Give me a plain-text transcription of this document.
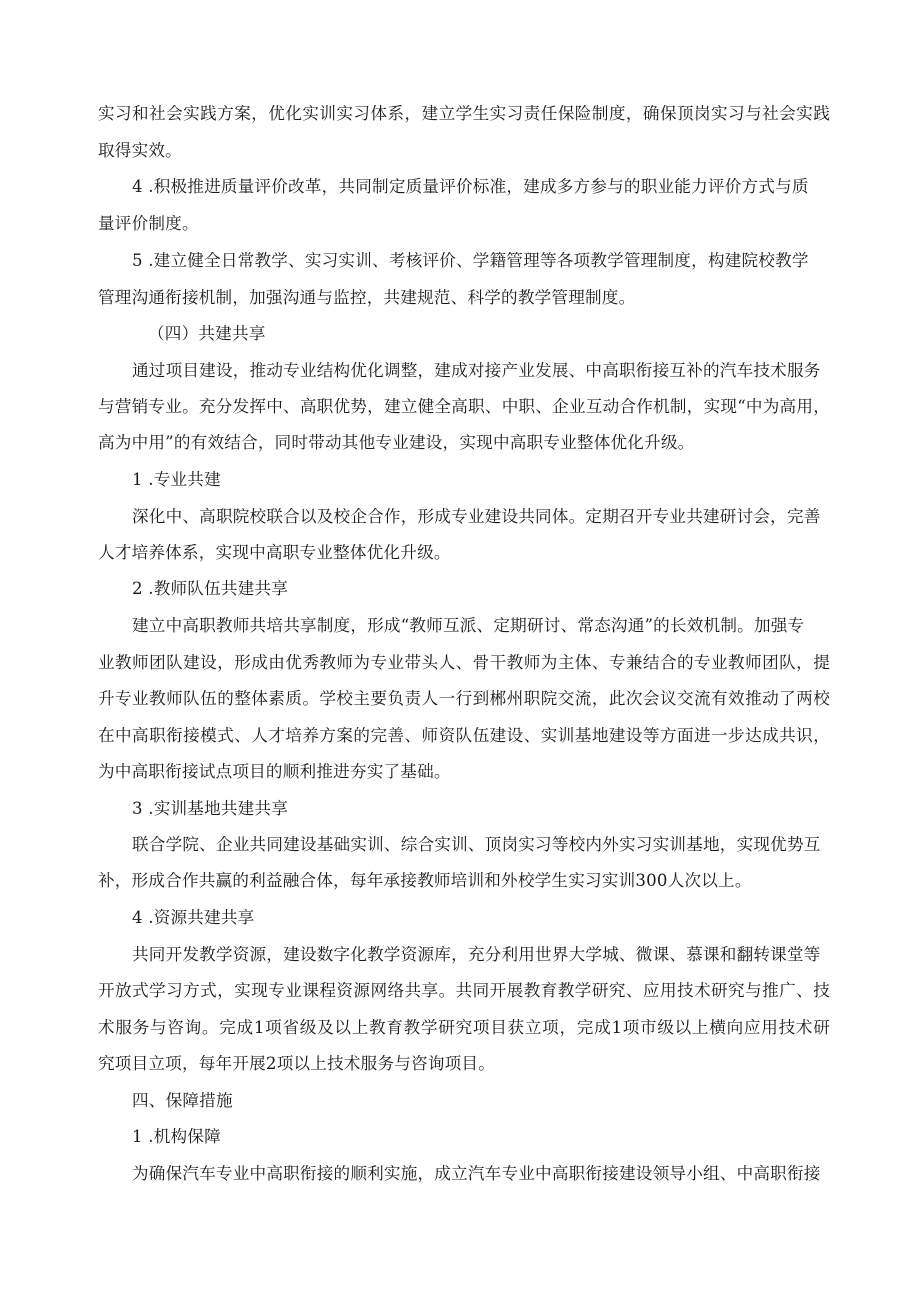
实习和社会实践方案，优化实训实习体系，建立学生实习责任保险制度，确保顶岗实习与社会实践
取得实效。
4 .积极推进质量评价改革，共同制定质量评价标准，建成多方参与的职业能力评价方式与质
量评价制度。
5 .建立健全日常教学、实习实训、考核评价、学籍管理等各项教学管理制度，构建院校教学
管理沟通衔接机制，加强沟通与监控，共建规范、科学的教学管理制度。
（四）共建共享
通过项目建设，推动专业结构优化调整，建成对接产业发展、中高职衔接互补的汽车技术服务
与营销专业。充分发挥中、高职优势，建立健全高职、中职、企业互动合作机制，实现“中为高用，
高为中用”的有效结合，同时带动其他专业建设，实现中高职专业整体优化升级。
1 .专业共建
深化中、高职院校联合以及校企合作，形成专业建设共同体。定期召开专业共建研讨会，完善
人才培养体系，实现中高职专业整体优化升级。
2 .教师队伍共建共享
建立中高职教师共培共享制度，形成“教师互派、定期研讨、常态沟通”的长效机制。加强专
业教师团队建设，形成由优秀教师为专业带头人、骨干教师为主体、专兼结合的专业教师团队，提
升专业教师队伍的整体素质。学校主要负责人一行到郴州职院交流，此次会议交流有效推动了两校
在中高职衔接模式、人才培养方案的完善、师资队伍建设、实训基地建设等方面进一步达成共识，
为中高职衔接试点项目的顺利推进夯实了基础。
3 .实训基地共建共享
联合学院、企业共同建设基础实训、综合实训、顶岗实习等校内外实习实训基地，实现优势互
补，形成合作共赢的利益融合体，每年承接教师培训和外校学生实习实训300人次以上。
4 .资源共建共享
共同开发教学资源，建设数字化教学资源库，充分利用世界大学城、微课、慕课和翻转课堂等
开放式学习方式，实现专业课程资源网络共享。共同开展教育教学研究、应用技术研究与推广、技
术服务与咨询。完成1项省级及以上教育教学研究项目获立项，完成1项市级以上横向应用技术研
究项目立项，每年开展2项以上技术服务与咨询项目。
四、保障措施
1 .机构保障
为确保汽车专业中高职衔接的顺利实施，成立汽车专业中高职衔接建设领导小组、中高职衔接
